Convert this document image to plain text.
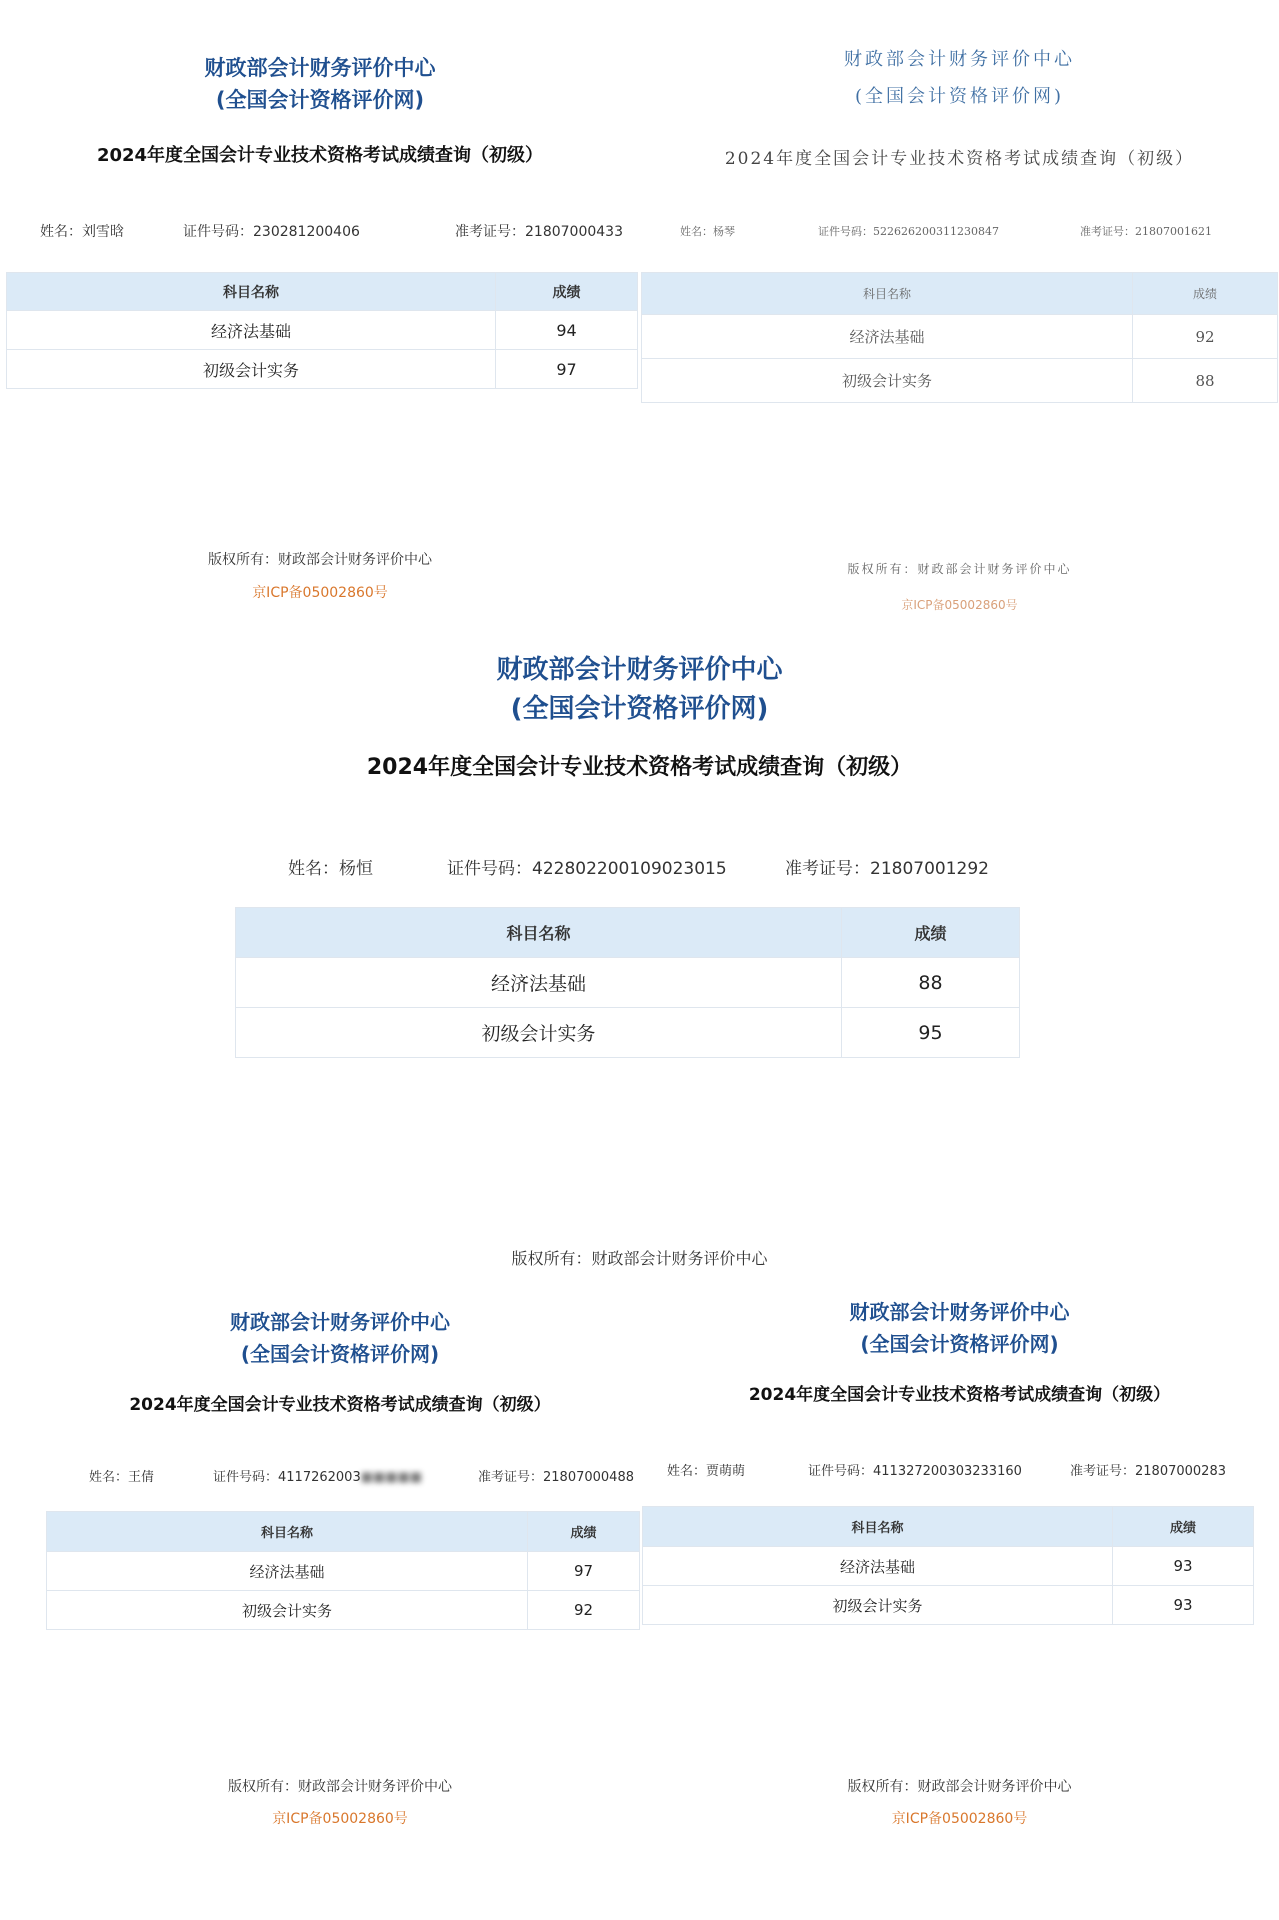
财政部会计财务评价中心
(全国会计资格评价网)
2024年度全国会计专业技术资格考试成绩查询（初级）
姓名：刘雪晗	证件号码：230281200406	准考证号：21807000433
科目名称	成绩
经济法基础	94
初级会计实务	97
版权所有：财政部会计财务评价中心
京ICP备05002860号
财政部会计财务评价中心
(全国会计资格评价网)
2024年度全国会计专业技术资格考试成绩查询（初级）
姓名：杨琴	证件号码：522626200311230847	准考证号：21807001621
科目名称	成绩
经济法基础	92
初级会计实务	88
版权所有：财政部会计财务评价中心
京ICP备05002860号
财政部会计财务评价中心
(全国会计资格评价网)
2024年度全国会计专业技术资格考试成绩查询（初级）
姓名：杨恒	证件号码：422802200109023015	准考证号：21807001292
科目名称	成绩
经济法基础	88
初级会计实务	95
版权所有：财政部会计财务评价中心
财政部会计财务评价中心
(全国会计资格评价网)
2024年度全国会计专业技术资格考试成绩查询（初级）
姓名：王倩	证件号码：4117262003■■■■■	准考证号：21807000488
科目名称	成绩
经济法基础	97
初级会计实务	92
版权所有：财政部会计财务评价中心
京ICP备05002860号
财政部会计财务评价中心
(全国会计资格评价网)
2024年度全国会计专业技术资格考试成绩查询（初级）
姓名：贾萌萌	证件号码：411327200303233160	准考证号：21807000283
科目名称	成绩
经济法基础	93
初级会计实务	93
版权所有：财政部会计财务评价中心
京ICP备05002860号
